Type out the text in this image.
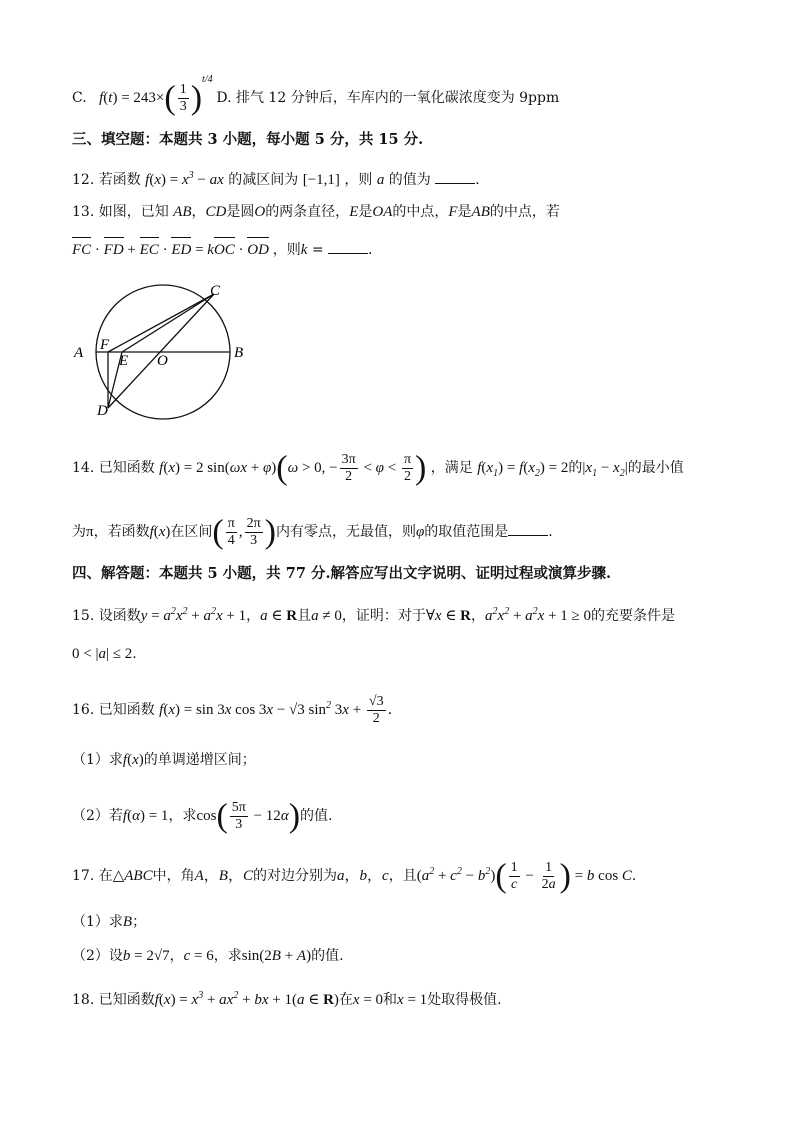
C. $f(t) = 243\times( \frac{1}{3} )^{t/4}$ D. 排气 12 分钟后，车库内的一氧化碳浓度变为 9ppm
三、填空题：本题共 3 小题，每小题 5 分，共 15 分.
12. 若函数 $f(x) = x^3$ − ax 的减区间为 [−1,1] ，则 a 的值为	.
13. 如图，已知 AB，CD是圆O的两条直径，E是OA的中点，F是AB的中点，若
FC · FD + EC · ED = kOC · OD ，则k =	.
A	B
C
D
E
F
O
14. 已知函数 f(x) = 2 sin(ωx + φ)(ω > 0, − $\frac{3\pi}{2} < \varphi < \frac{\pi}{2}$ ) ，满足 $f(x_1) = f(x_2) = 2$的$|x_1 - x_2|$的最小值
为π，若函数f(x)在区间( $\frac{\pi}{4}$ , $\frac{2\pi}{3}$ )内有零点，无最值，则φ的取值范围是	.
四、解答题：本题共 5 小题，共 77 分.解答应写出文字说明、证明过程或演算步骤.
15. 设函数$y = a^2x^2 + a^2x + 1$，a ∈ R且a ≠ 0，证明：对于∀x ∈ R，$a^2x^2 + a^2x + 1 \ge 0$的充要条件是
0 < |a| ≤ 2.
16. 已知函数 f(x) = sin 3x cos 3x − √3 $\sin^2 3x + \frac{√3}{2}$ .
（1）求f(x)的单调递增区间；
（2）若f(α) = 1，求$\cos( \frac{5\pi}{3} - 12\alpha)$的值.
17. 在△ABC中，角A，B，C的对边分别为a，b，c，且$(a^2 + c^2 - b^2)( \frac{1}{c} - \frac{1}{2a}$ ) = b cos C.
（1）求B；
（2）设b = 2√7，c = 6，求sin(2B + A)的值.
18. 已知函数$f(x) = x^3 + ax^2$ + bx + 1(a ∈ R)在x = 0和x = 1处取得极值.
